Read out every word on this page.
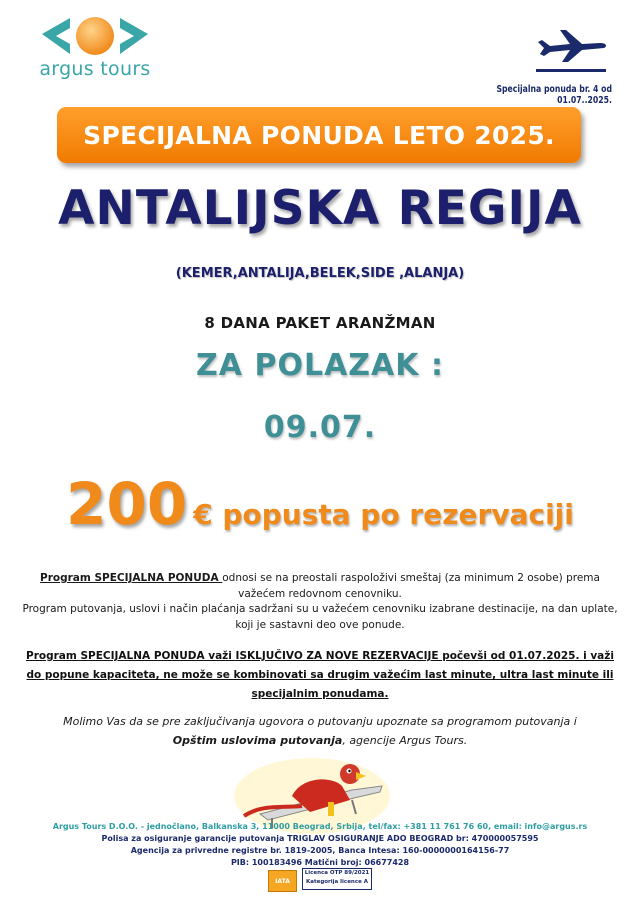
argus tours
Specijalna ponuda br. 4 od 01.07..2025.
SPECIJALNA PONUDA LETO 2025.
ANTALIJSKA REGIJA
(KEMER,ANTALIJA,BELEK,SIDE ,ALANJA)
8 DANA PAKET ARANŽMAN
ZA POLAZAK :
09.07.
200 € popusta po rezervaciji
Program SPECIJALNA PONUDA odnosi se na preostali raspoloživi smeštaj (za minimum 2 osobe) prema
važećem redovnom cenovniku.
Program putovanja, uslovi i način plaćanja sadržani su u važećem cenovniku izabrane destinacije, na dan uplate,
koji je sastavni deo ove ponude.
Program SPECIJALNA PONUDA važi ISKLJUČIVO ZA NOVE REZERVACIJE počevši od 01.07.2025. i važi
do popune kapaciteta, ne može se kombinovati sa drugim važećim last minute, ultra last minute ili
specijalnim ponudama.
Molimo Vas da se pre zaključivanja ugovora o putovanju upoznate sa programom putovanja i
Opštim uslovima putovanja, agencije Argus Tours.
Argus Tours D.O.O. - jednočlano, Balkanska 3, 11000 Beograd, Srbija, tel/fax: +381 11 761 76 60, email: info@argus.rs
Polisa za osiguranje garancije putovanja TRIGLAV OSIGURANJE ADO BEOGRAD br: 470000057595
Agencija za privredne registre br. 1819-2005, Banca Intesa: 160-0000000164156-77
PIB: 100183496 Matični broj: 06677428
IATA
Licenca OTP 89/2021
Kategorija licence A
